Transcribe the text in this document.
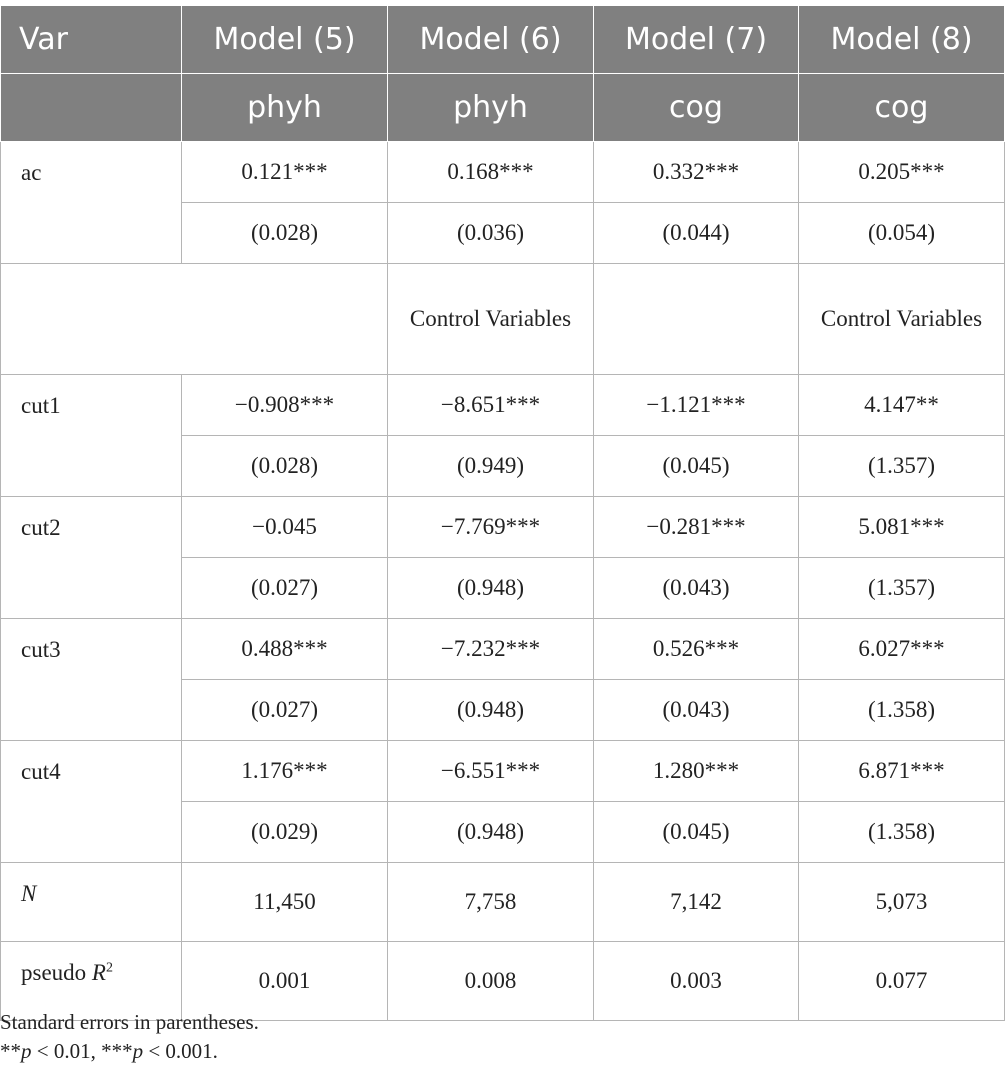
Var	Model (5)	Model (6)	Model (7)	Model (8)
	phyh	phyh	cog	cog
ac	0.121***	0.168***	0.332***	0.205***
	(0.028)	(0.036)	(0.044)	(0.054)
		Control Variables		Control Variables
cut1	−0.908***	−8.651***	−1.121***	4.147**
	(0.028)	(0.949)	(0.045)	(1.357)
cut2	−0.045	−7.769***	−0.281***	5.081***
	(0.027)	(0.948)	(0.043)	(1.357)
cut3	0.488***	−7.232***	0.526***	6.027***
	(0.027)	(0.948)	(0.043)	(1.358)
cut4	1.176***	−6.551***	1.280***	6.871***
	(0.029)	(0.948)	(0.045)	(1.358)
N	11,450	7,758	7,142	5,073
pseudo $R^2$	0.001	0.008	0.003	0.077
Standard errors in parentheses.
**p < 0.01, ***p < 0.001.
